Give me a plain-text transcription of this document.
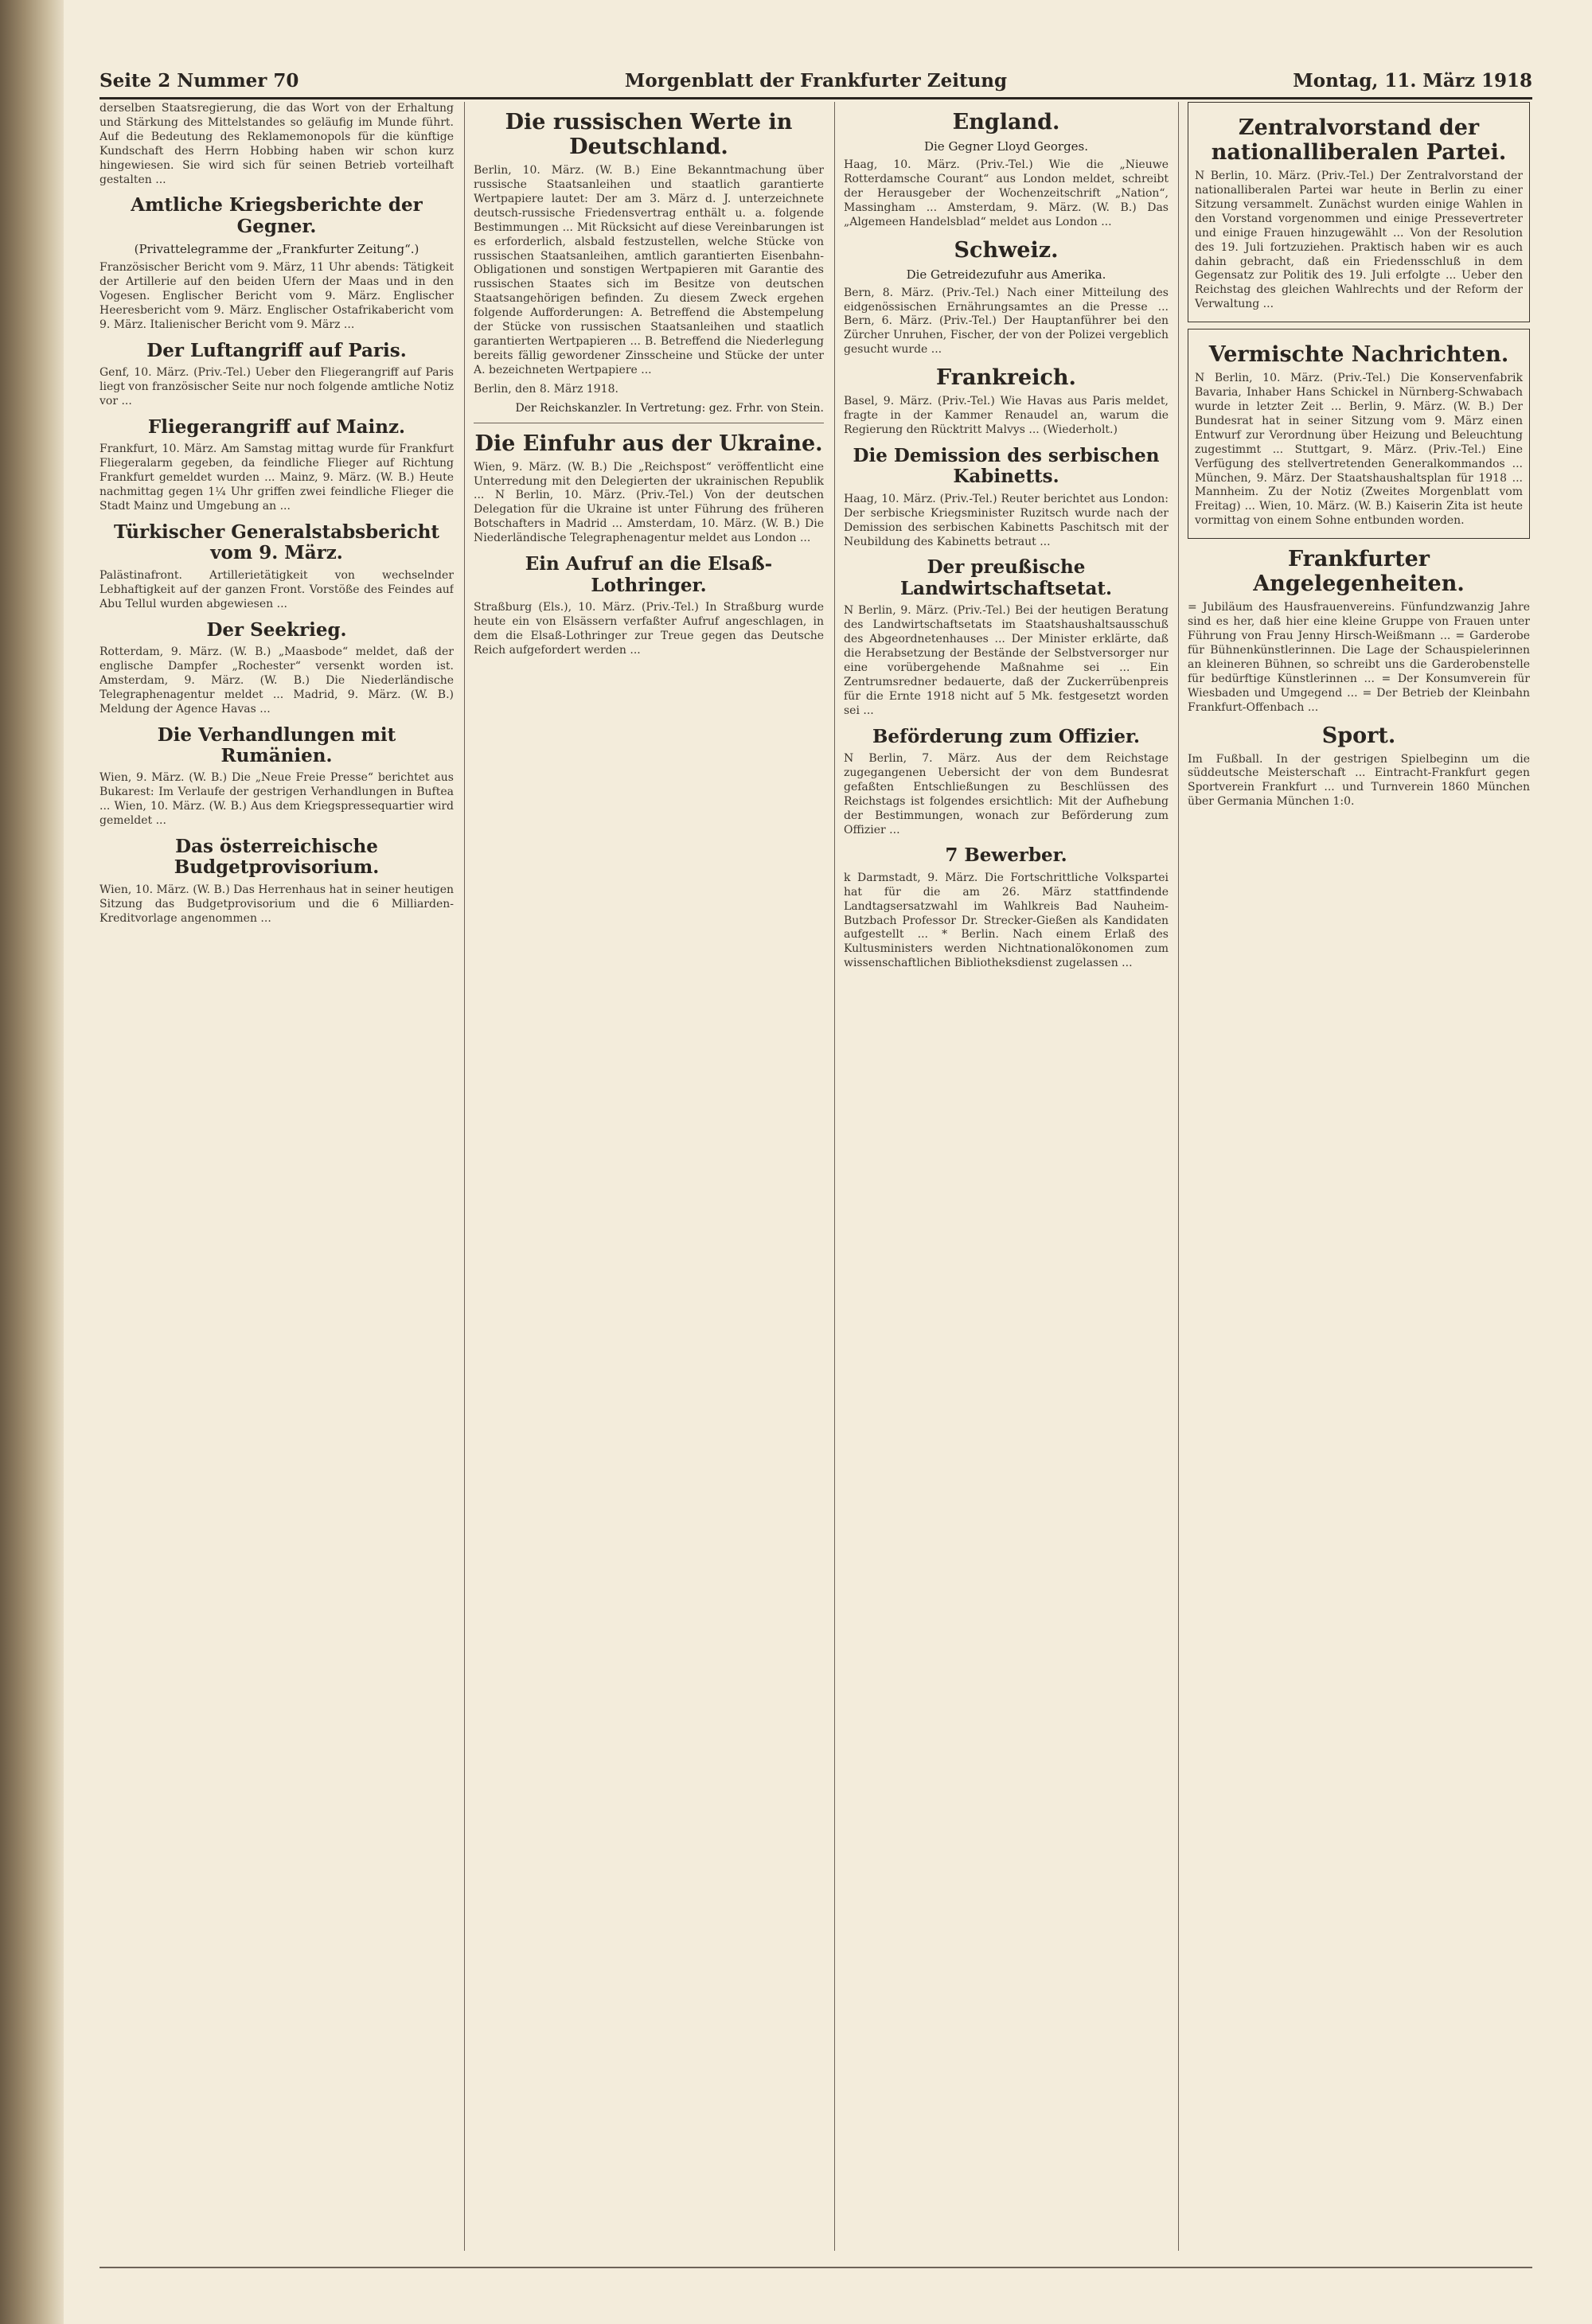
Seite 2 Nummer 70	Morgenblatt der Frankfurter Zeitung	Montag, 11. März 1918
derselben Staatsregierung, die das Wort von der Erhaltung und Stärkung des Mittelstandes so geläufig im Munde führt. Auf die Bedeutung des Reklamemonopols für die künftige Kundschaft des Herrn Hobbing haben wir schon kurz hingewiesen. Sie wird sich für seinen Betrieb vorteilhaft gestalten ...
Amtliche Kriegsberichte der Gegner.
(Privattelegramme der „Frankfurter Zeitung“.)
Französischer Bericht vom 9. März, 11 Uhr abends: Tätigkeit der Artillerie auf den beiden Ufern der Maas und in den Vogesen. Englischer Bericht vom 9. März. Englischer Heeresbericht vom 9. März. Englischer Ostafrikabericht vom 9. März. Italienischer Bericht vom 9. März ...
Der Luftangriff auf Paris.
Genf, 10. März. (Priv.-Tel.) Ueber den Fliegerangriff auf Paris liegt von französischer Seite nur noch folgende amtliche Notiz vor ...
Fliegerangriff auf Mainz.
Frankfurt, 10. März. Am Samstag mittag wurde für Frankfurt Fliegeralarm gegeben, da feindliche Flieger auf Richtung Frankfurt gemeldet wurden ... Mainz, 9. März. (W. B.) Heute nachmittag gegen 1¼ Uhr griffen zwei feindliche Flieger die Stadt Mainz und Umgebung an ...
Türkischer Generalstabsbericht vom 9. März.
Palästinafront. Artillerietätigkeit von wechselnder Lebhaftigkeit auf der ganzen Front. Vorstöße des Feindes auf Abu Tellul wurden abgewiesen ...
Der Seekrieg.
Rotterdam, 9. März. (W. B.) „Maasbode“ meldet, daß der englische Dampfer „Rochester“ versenkt worden ist. Amsterdam, 9. März. (W. B.) Die Niederländische Telegraphenagentur meldet ... Madrid, 9. März. (W. B.) Meldung der Agence Havas ...
Die Verhandlungen mit Rumänien.
Wien, 9. März. (W. B.) Die „Neue Freie Presse“ berichtet aus Bukarest: Im Verlaufe der gestrigen Verhandlungen in Buftea ... Wien, 10. März. (W. B.) Aus dem Kriegspressequartier wird gemeldet ...
Das österreichische Budgetprovisorium.
Wien, 10. März. (W. B.) Das Herrenhaus hat in seiner heutigen Sitzung das Budgetprovisorium und die 6 Milliarden-Kreditvorlage angenommen ...
Die russischen Werte in Deutschland.
Berlin, 10. März. (W. B.) Eine Bekanntmachung über russische Staatsanleihen und staatlich garantierte Wertpapiere lautet: Der am 3. März d. J. unterzeichnete deutsch-russische Friedensvertrag enthält u. a. folgende Bestimmungen ... Mit Rücksicht auf diese Vereinbarungen ist es erforderlich, alsbald festzustellen, welche Stücke von russischen Staatsanleihen, amtlich garantierten Eisenbahn-Obligationen und sonstigen Wertpapieren mit Garantie des russischen Staates sich im Besitze von deutschen Staatsangehörigen befinden. Zu diesem Zweck ergehen folgende Aufforderungen: A. Betreffend die Abstempelung der Stücke von russischen Staatsanleihen und staatlich garantierten Wertpapieren ... B. Betreffend die Niederlegung bereits fällig gewordener Zinsscheine und Stücke der unter A. bezeichneten Wertpapiere ...
Berlin, den 8. März 1918.
Der Reichskanzler. In Vertretung: gez. Frhr. von Stein.
Die Einfuhr aus der Ukraine.
Wien, 9. März. (W. B.) Die „Reichspost“ veröffentlicht eine Unterredung mit den Delegierten der ukrainischen Republik ... N Berlin, 10. März. (Priv.-Tel.) Von der deutschen Delegation für die Ukraine ist unter Führung des früheren Botschafters in Madrid ... Amsterdam, 10. März. (W. B.) Die Niederländische Telegraphenagentur meldet aus London ...
Ein Aufruf an die Elsaß-Lothringer.
Straßburg (Els.), 10. März. (Priv.-Tel.) In Straßburg wurde heute ein von Elsässern verfaßter Aufruf angeschlagen, in dem die Elsaß-Lothringer zur Treue gegen das Deutsche Reich aufgefordert werden ...
England.
Die Gegner Lloyd Georges.
Haag, 10. März. (Priv.-Tel.) Wie die „Nieuwe Rotterdamsche Courant“ aus London meldet, schreibt der Herausgeber der Wochenzeitschrift „Nation“, Massingham ... Amsterdam, 9. März. (W. B.) Das „Algemeen Handelsblad“ meldet aus London ...
Schweiz.
Die Getreidezufuhr aus Amerika.
Bern, 8. März. (Priv.-Tel.) Nach einer Mitteilung des eidgenössischen Ernährungsamtes an die Presse ... Bern, 6. März. (Priv.-Tel.) Der Hauptanführer bei den Zürcher Unruhen, Fischer, der von der Polizei vergeblich gesucht wurde ...
Frankreich.
Basel, 9. März. (Priv.-Tel.) Wie Havas aus Paris meldet, fragte in der Kammer Renaudel an, warum die Regierung den Rücktritt Malvys ... (Wiederholt.)
Die Demission des serbischen Kabinetts.
Haag, 10. März. (Priv.-Tel.) Reuter berichtet aus London: Der serbische Kriegsminister Ruzitsch wurde nach der Demission des serbischen Kabinetts Paschitsch mit der Neubildung des Kabinetts betraut ...
Der preußische Landwirtschaftsetat.
N Berlin, 9. März. (Priv.-Tel.) Bei der heutigen Beratung des Landwirtschaftsetats im Staatshaushaltsausschuß des Abgeordnetenhauses ... Der Minister erklärte, daß die Herabsetzung der Bestände der Selbstversorger nur eine vorübergehende Maßnahme sei ... Ein Zentrumsredner bedauerte, daß der Zuckerrübenpreis für die Ernte 1918 nicht auf 5 Mk. festgesetzt worden sei ...
Beförderung zum Offizier.
N Berlin, 7. März. Aus der dem Reichstage zugegangenen Uebersicht der von dem Bundesrat gefaßten Entschließungen zu Beschlüssen des Reichstags ist folgendes ersichtlich: Mit der Aufhebung der Bestimmungen, wonach zur Beförderung zum Offizier ...
7 Bewerber.
k Darmstadt, 9. März. Die Fortschrittliche Volkspartei hat für die am 26. März stattfindende Landtagsersatzwahl im Wahlkreis Bad Nauheim-Butzbach Professor Dr. Strecker-Gießen als Kandidaten aufgestellt ... * Berlin. Nach einem Erlaß des Kultusministers werden Nichtnationalökonomen zum wissenschaftlichen Bibliotheksdienst zugelassen ...
Zentralvorstand der nationalliberalen Partei.
N Berlin, 10. März. (Priv.-Tel.) Der Zentralvorstand der nationalliberalen Partei war heute in Berlin zu einer Sitzung versammelt. Zunächst wurden einige Wahlen in den Vorstand vorgenommen und einige Pressevertreter und einige Frauen hinzugewählt ... Von der Resolution des 19. Juli fortzuziehen. Praktisch haben wir es auch dahin gebracht, daß ein Friedensschluß in dem Gegensatz zur Politik des 19. Juli erfolgte ... Ueber den Reichstag des gleichen Wahlrechts und der Reform der Verwaltung ...
Vermischte Nachrichten.
N Berlin, 10. März. (Priv.-Tel.) Die Konservenfabrik Bavaria, Inhaber Hans Schickel in Nürnberg-Schwabach wurde in letzter Zeit ... Berlin, 9. März. (W. B.) Der Bundesrat hat in seiner Sitzung vom 9. März einen Entwurf zur Verordnung über Heizung und Beleuchtung zugestimmt ... Stuttgart, 9. März. (Priv.-Tel.) Eine Verfügung des stellvertretenden Generalkommandos ... München, 9. März. Der Staatshaushaltsplan für 1918 ... Mannheim. Zu der Notiz (Zweites Morgenblatt vom Freitag) ... Wien, 10. März. (W. B.) Kaiserin Zita ist heute vormittag von einem Sohne entbunden worden.
Frankfurter Angelegenheiten.
= Jubiläum des Hausfrauenvereins. Fünfundzwanzig Jahre sind es her, daß hier eine kleine Gruppe von Frauen unter Führung von Frau Jenny Hirsch-Weißmann ... = Garderobe für Bühnenkünstlerinnen. Die Lage der Schauspielerinnen an kleineren Bühnen, so schreibt uns die Garderobenstelle für bedürftige Künstlerinnen ... = Der Konsumverein für Wiesbaden und Umgegend ... = Der Betrieb der Kleinbahn Frankfurt-Offenbach ...
Sport.
Im Fußball. In der gestrigen Spielbeginn um die süddeutsche Meisterschaft ... Eintracht-Frankfurt gegen Sportverein Frankfurt ... und Turnverein 1860 München über Germania München 1:0.
